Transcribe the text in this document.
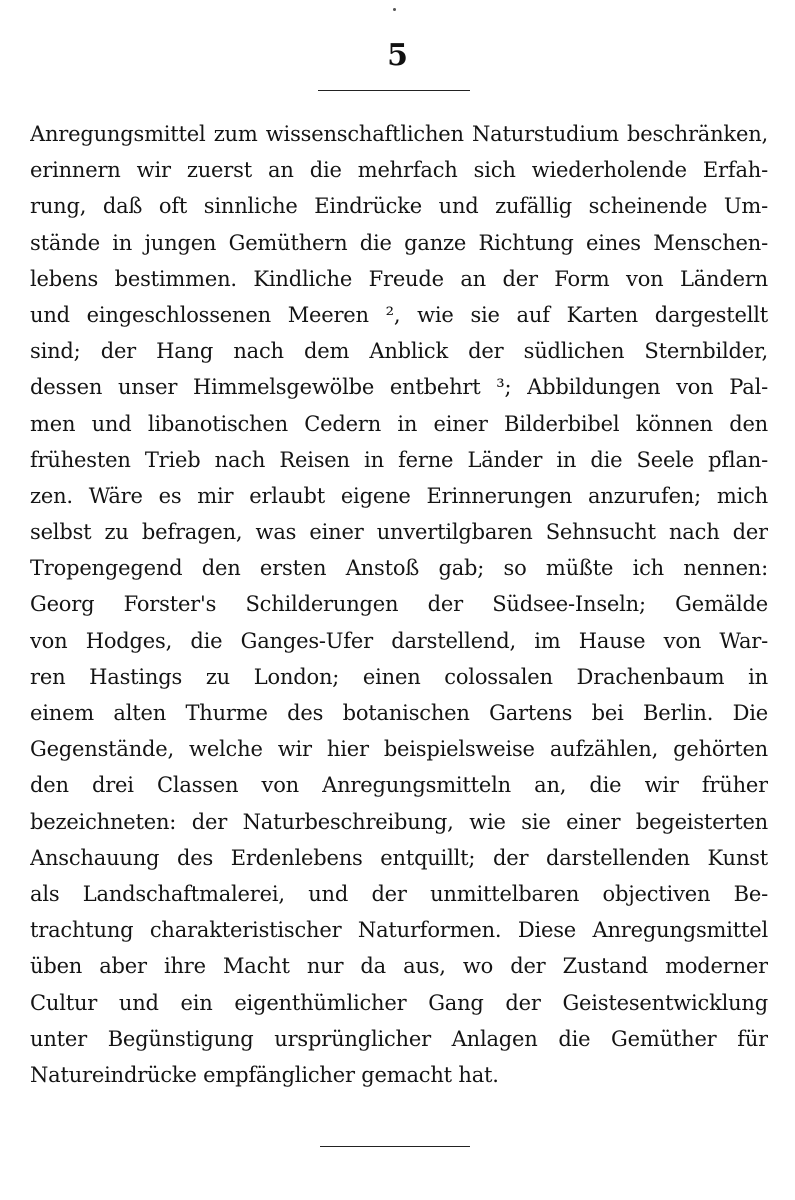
5
Anregungsmittel zum wissenschaftlichen Naturstudium beschränken,
erinnern wir zuerst an die mehrfach sich wiederholende Erfah-
rung, daß oft sinnliche Eindrücke und zufällig scheinende Um-
stände in jungen Gemüthern die ganze Richtung eines Menschen-
lebens bestimmen. Kindliche Freude an der Form von Ländern
und eingeschlossenen Meeren ², wie sie auf Karten dargestellt
sind; der Hang nach dem Anblick der südlichen Sternbilder,
dessen unser Himmelsgewölbe entbehrt ³; Abbildungen von Pal-
men und libanotischen Cedern in einer Bilderbibel können den
frühesten Trieb nach Reisen in ferne Länder in die Seele pflan-
zen. Wäre es mir erlaubt eigene Erinnerungen anzurufen; mich
selbst zu befragen, was einer unvertilgbaren Sehnsucht nach der
Tropengegend den ersten Anstoß gab; so müßte ich nennen:
Georg Forster's Schilderungen der Südsee-Inseln; Gemälde
von Hodges, die Ganges-Ufer darstellend, im Hause von War-
ren Hastings zu London; einen colossalen Drachenbaum in
einem alten Thurme des botanischen Gartens bei Berlin. Die
Gegenstände, welche wir hier beispielsweise aufzählen, gehörten
den drei Classen von Anregungsmitteln an, die wir früher
bezeichneten: der Naturbeschreibung, wie sie einer begeisterten
Anschauung des Erdenlebens entquillt; der darstellenden Kunst
als Landschaftmalerei, und der unmittelbaren objectiven Be-
trachtung charakteristischer Naturformen. Diese Anregungsmittel
üben aber ihre Macht nur da aus, wo der Zustand moderner
Cultur und ein eigenthümlicher Gang der Geistesentwicklung
unter Begünstigung ursprünglicher Anlagen die Gemüther für
Natureindrücke empfänglicher gemacht hat.
